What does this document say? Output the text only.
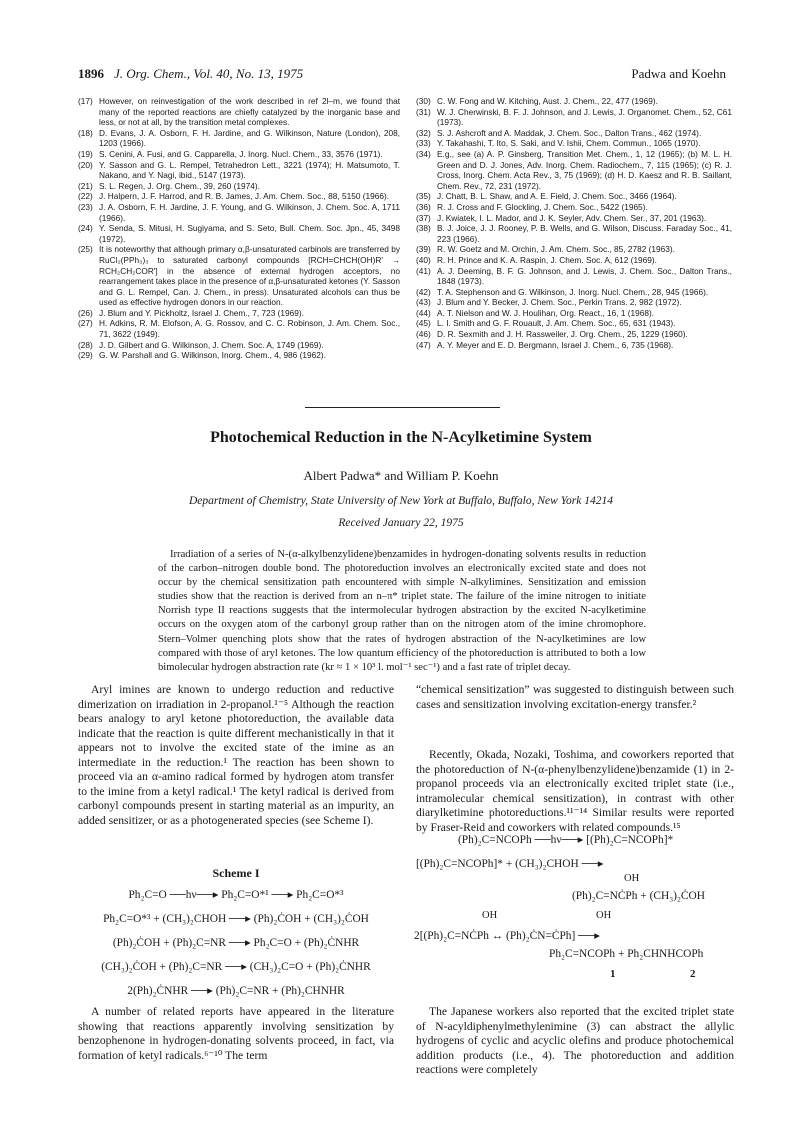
1896 J. Org. Chem., Vol. 40, No. 13, 1975	Padwa and Koehn

(17) However, on reinvestigation of the work described in ref 2l–m, we found that many of the reported reactions are chiefly catalyzed by the inorganic base and less, or not at all, by the transition metal complexes.

(18) D. Evans, J. A. Osborn, F. H. Jardine, and G. Wilkinson, Nature (London), 208, 1203 (1966).

(19) S. Cenini, A. Fusi, and G. Capparella, J. Inorg. Nucl. Chem., 33, 3576 (1971).

(20) Y. Sasson and G. L. Rempel, Tetrahedron Lett., 3221 (1974); H. Matsumoto, T. Nakano, and Y. Nagi, ibid., 5147 (1973).

(21) S. L. Regen, J. Org. Chem., 39, 260 (1974).

(22) J. Halpern, J. F. Harrod, and R. B. James, J. Am. Chem. Soc., 88, 5150 (1966).

(23) J. A. Osborn, F. H. Jardine, J. F. Young, and G. Wilkinson, J. Chem. Soc. A, 1711 (1966).

(24) Y. Senda, S. Mitusi, H. Sugiyama, and S. Seto, Bull. Chem. Soc. Jpn., 45, 3498 (1972).

(25) It is noteworthy that although primary α,β-unsaturated carbinols are transferred by RuCl₂(PPh₃)₃ to saturated carbonyl compounds [RCH=CHCH(OH)R' → RCH₂CH₂COR'] in the absence of external hydrogen acceptors, no rearrangement takes place in the presence of α,β-unsaturated ketones (Y. Sasson and G. L. Rempel, Can. J. Chem., in press). Unsaturated alcohols can thus be used as effective hydrogen donors in our reaction.

(26) J. Blum and Y. Pickholtz, Israel J. Chem., 7, 723 (1969).

(27) H. Adkins, R. M. Elofson, A. G. Rossov, and C. C. Robinson, J. Am. Chem. Soc., 71, 3622 (1949).

(28) J. D. Gilbert and G. Wilkinson, J. Chem. Soc. A, 1749 (1969).

(29) G. W. Parshall and G. Wilkinson, Inorg. Chem., 4, 986 (1962).

(30) C. W. Fong and W. Kitching, Aust. J. Chem., 22, 477 (1969).

(31) W. J. Cherwinski, B. F. J. Johnson, and J. Lewis, J. Organomet. Chem., 52, C61 (1973).

(32) S. J. Ashcroft and A. Maddak, J. Chem. Soc., Dalton Trans., 462 (1974).

(33) Y. Takahashi, T. Ito, S. Saki, and V. Ishii, Chem. Commun., 1065 (1970).

(34) E.g., see (a) A. P. Ginsberg, Transition Met. Chem., 1, 12 (1965); (b) M. L. H. Green and D. J. Jones, Adv. Inorg. Chem. Radiochem., 7, 115 (1965); (c) R. J. Cross, Inorg. Chem. Acta Rev., 3, 75 (1969); (d) H. D. Kaesz and R. B. Saillant, Chem. Rev., 72, 231 (1972).

(35) J. Chatt, B. L. Shaw, and A. E. Field, J. Chem. Soc., 3466 (1964).

(36) R. J. Cross and F. Glockling, J. Chem. Soc., 5422 (1965).

(37) J. Kwiatek, I. L. Mador, and J. K. Seyler, Adv. Chem. Ser., 37, 201 (1963).

(38) B. J. Joice, J. J. Rooney, P. B. Wells, and G. Wilson, Discuss. Faraday Soc., 41, 223 (1966).

(39) R. W. Goetz and M. Orchin, J. Am. Chem. Soc., 85, 2782 (1963).

(40) R. H. Prince and K. A. Raspin, J. Chem. Soc. A, 612 (1969).

(41) A. J. Deeming, B. F. G. Johnson, and J. Lewis, J. Chem. Soc., Dalton Trans., 1848 (1973).

(42) T. A. Stephenson and G. Wilkinson, J. Inorg. Nucl. Chem., 28, 945 (1966).

(43) J. Blum and Y. Becker, J. Chem. Soc., Perkin Trans. 2, 982 (1972).

(44) A. T. Nielson and W. J. Houlihan, Org. React., 16, 1 (1968).

(45) L. I. Smith and G. F. Rouault, J. Am. Chem. Soc., 65, 631 (1943).

(46) D. R. Sexmith and J. H. Rassweiler, J. Org. Chem., 25, 1229 (1960).

(47) A. Y. Meyer and E. D. Bergmann, Israel J. Chem., 6, 735 (1968).

Photochemical Reduction in the N-Acylketimine System
Albert Padwa* and William P. Koehn
Department of Chemistry, State University of New York at Buffalo, Buffalo, New York 14214
Received January 22, 1975

Irradiation of a series of N-(α-alkylbenzylidene)benzamides in hydrogen-donating solvents results in reduction of the carbon–nitrogen double bond. The photoreduction involves an electronically excited state and does not occur by the chemical sensitization path encountered with simple N-alkylimines. Sensitization and emission studies show that the reaction is derived from an n–π* triplet state. The failure of the imine nitrogen to initiate Norrish type II reactions suggests that the intermolecular hydrogen abstraction by the excited N-acylketimine occurs on the oxygen atom of the carbonyl group rather than on the nitrogen atom of the imine chromophore. Stern–Volmer quenching plots show that the rates of hydrogen abstraction of the N-acylketimines are low compared with those of aryl ketones. The low quantum efficiency of the photoreduction is attributed to both a low bimolecular hydrogen abstraction rate (kr ≈ 1 × 10³ l. mol⁻¹ sec⁻¹) and a fast rate of triplet decay.

Aryl imines are known to undergo reduction and reductive dimerization on irradiation in 2-propanol.¹⁻⁵ Although the reaction bears analogy to aryl ketone photoreduction, the available data indicate that the reaction is quite different mechanistically in that it appears not to involve the excited state of the imine as an intermediate in the reduction.¹ The reaction has been shown to proceed via an α-amino radical formed by hydrogen atom transfer to the imine from a ketyl radical.¹ The ketyl radical is derived from carbonyl compounds present in starting material as an impurity, an added sensitizer, or as a photogenerated species (see Scheme I).

Scheme I
Ph₂C=O ──hν──▸ Ph₂C=O*¹ ──▸ Ph₂C=O*³
Ph₂C=O*³ + (CH₃)₂CHOH ──▸ (Ph)₂ĊOH + (CH₃)₂ĊOH
(Ph)₂ĊOH + (Ph)₂C=NR ──▸ Ph₂C=O + (Ph)₂ĊNHR
(CH₃)₂ĊOH + (Ph)₂C=NR ──▸ (CH₃)₂C=O + (Ph)₂ĊNHR
2(Ph)₂ĊNHR ──▸ (Ph)₂C=NR + (Ph)₂CHNHR

A number of related reports have appeared in the literature showing that reactions apparently involving sensitization by benzophenone in hydrogen-donating solvents proceed, in fact, via formation of ketyl radicals.⁶⁻¹⁰ The term

“chemical sensitization” was suggested to distinguish between such cases and sensitization involving excitation-energy transfer.²

Recently, Okada, Nozaki, Toshima, and coworkers reported that the photoreduction of N-(α-phenylbenzylidene)benzamide (1) in 2-propanol proceeds via an electronically excited triplet state (i.e., intramolecular chemical sensitization), in contrast with other diarylketimine photoreductions.¹¹⁻¹⁴ Similar results were reported by Fraser-Reid and coworkers with related compounds.¹⁵

(Ph)₂C=NCOPh ──hν──▸ [(Ph)₂C=NCOPh]*
[(Ph)₂C=NCOPh]* + (CH₃)₂CHOH ──▸
OH
(Ph)₂C=NĊPh + (CH₃)₂ĊOH
OH	OH
2[(Ph)₂C=NĊPh ↔ (Ph)₂ĊN=ĊPh] ──▸
Ph₂C=NCOPh + Ph₂CHNHCOPh
1	2

The Japanese workers also reported that the excited triplet state of N-acyldiphenylmethylenimine (3) can abstract the allylic hydrogens of cyclic and acyclic olefins and produce photochemical addition products (i.e., 4). The photoreduction and addition reactions were completely
